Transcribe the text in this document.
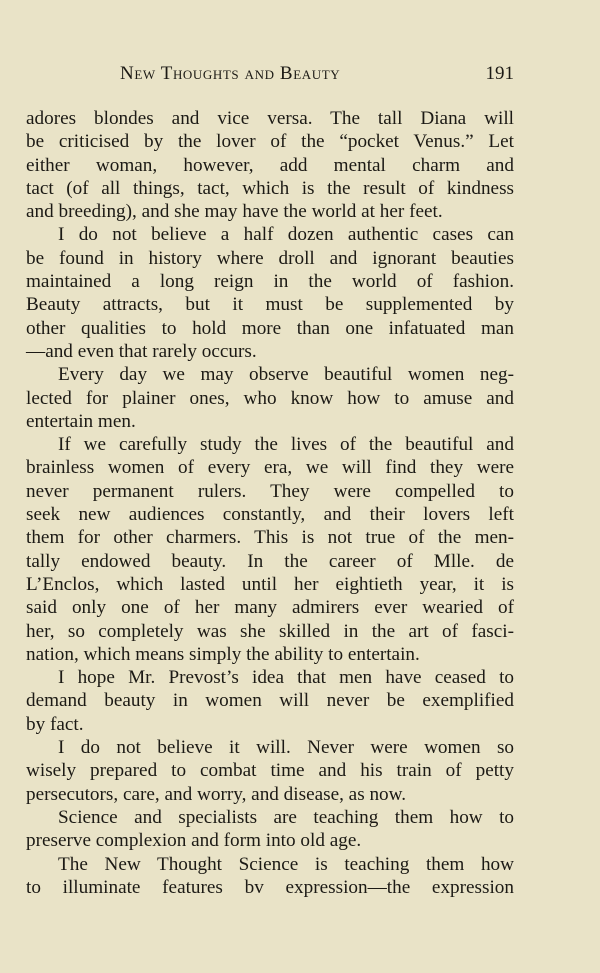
New Thoughts and Beauty	191
adores blondes and vice versa. The tall Diana will
be criticised by the lover of the “pocket Venus.” Let
either woman, however, add mental charm and
tact (of all things, tact, which is the result of kindness
and breeding), and she may have the world at her feet.
I do not believe a half dozen authentic cases can
be found in history where droll and ignorant beauties
maintained a long reign in the world of fashion.
Beauty attracts, but it must be supplemented by
other qualities to hold more than one infatuated man
—and even that rarely occurs.
Every day we may observe beautiful women neg-
lected for plainer ones, who know how to amuse and
entertain men.
If we carefully study the lives of the beautiful and
brainless women of every era, we will find they were
never permanent rulers. They were compelled to
seek new audiences constantly, and their lovers left
them for other charmers. This is not true of the men-
tally endowed beauty. In the career of Mlle. de
L’Enclos, which lasted until her eightieth year, it is
said only one of her many admirers ever wearied of
her, so completely was she skilled in the art of fasci-
nation, which means simply the ability to entertain.
I hope Mr. Prevost’s idea that men have ceased to
demand beauty in women will never be exemplified
by fact.
I do not believe it will. Never were women so
wisely prepared to combat time and his train of petty
persecutors, care, and worry, and disease, as now.
Science and specialists are teaching them how to
preserve complexion and form into old age.
The New Thought Science is teaching them how
to illuminate features bv expression—the expression
